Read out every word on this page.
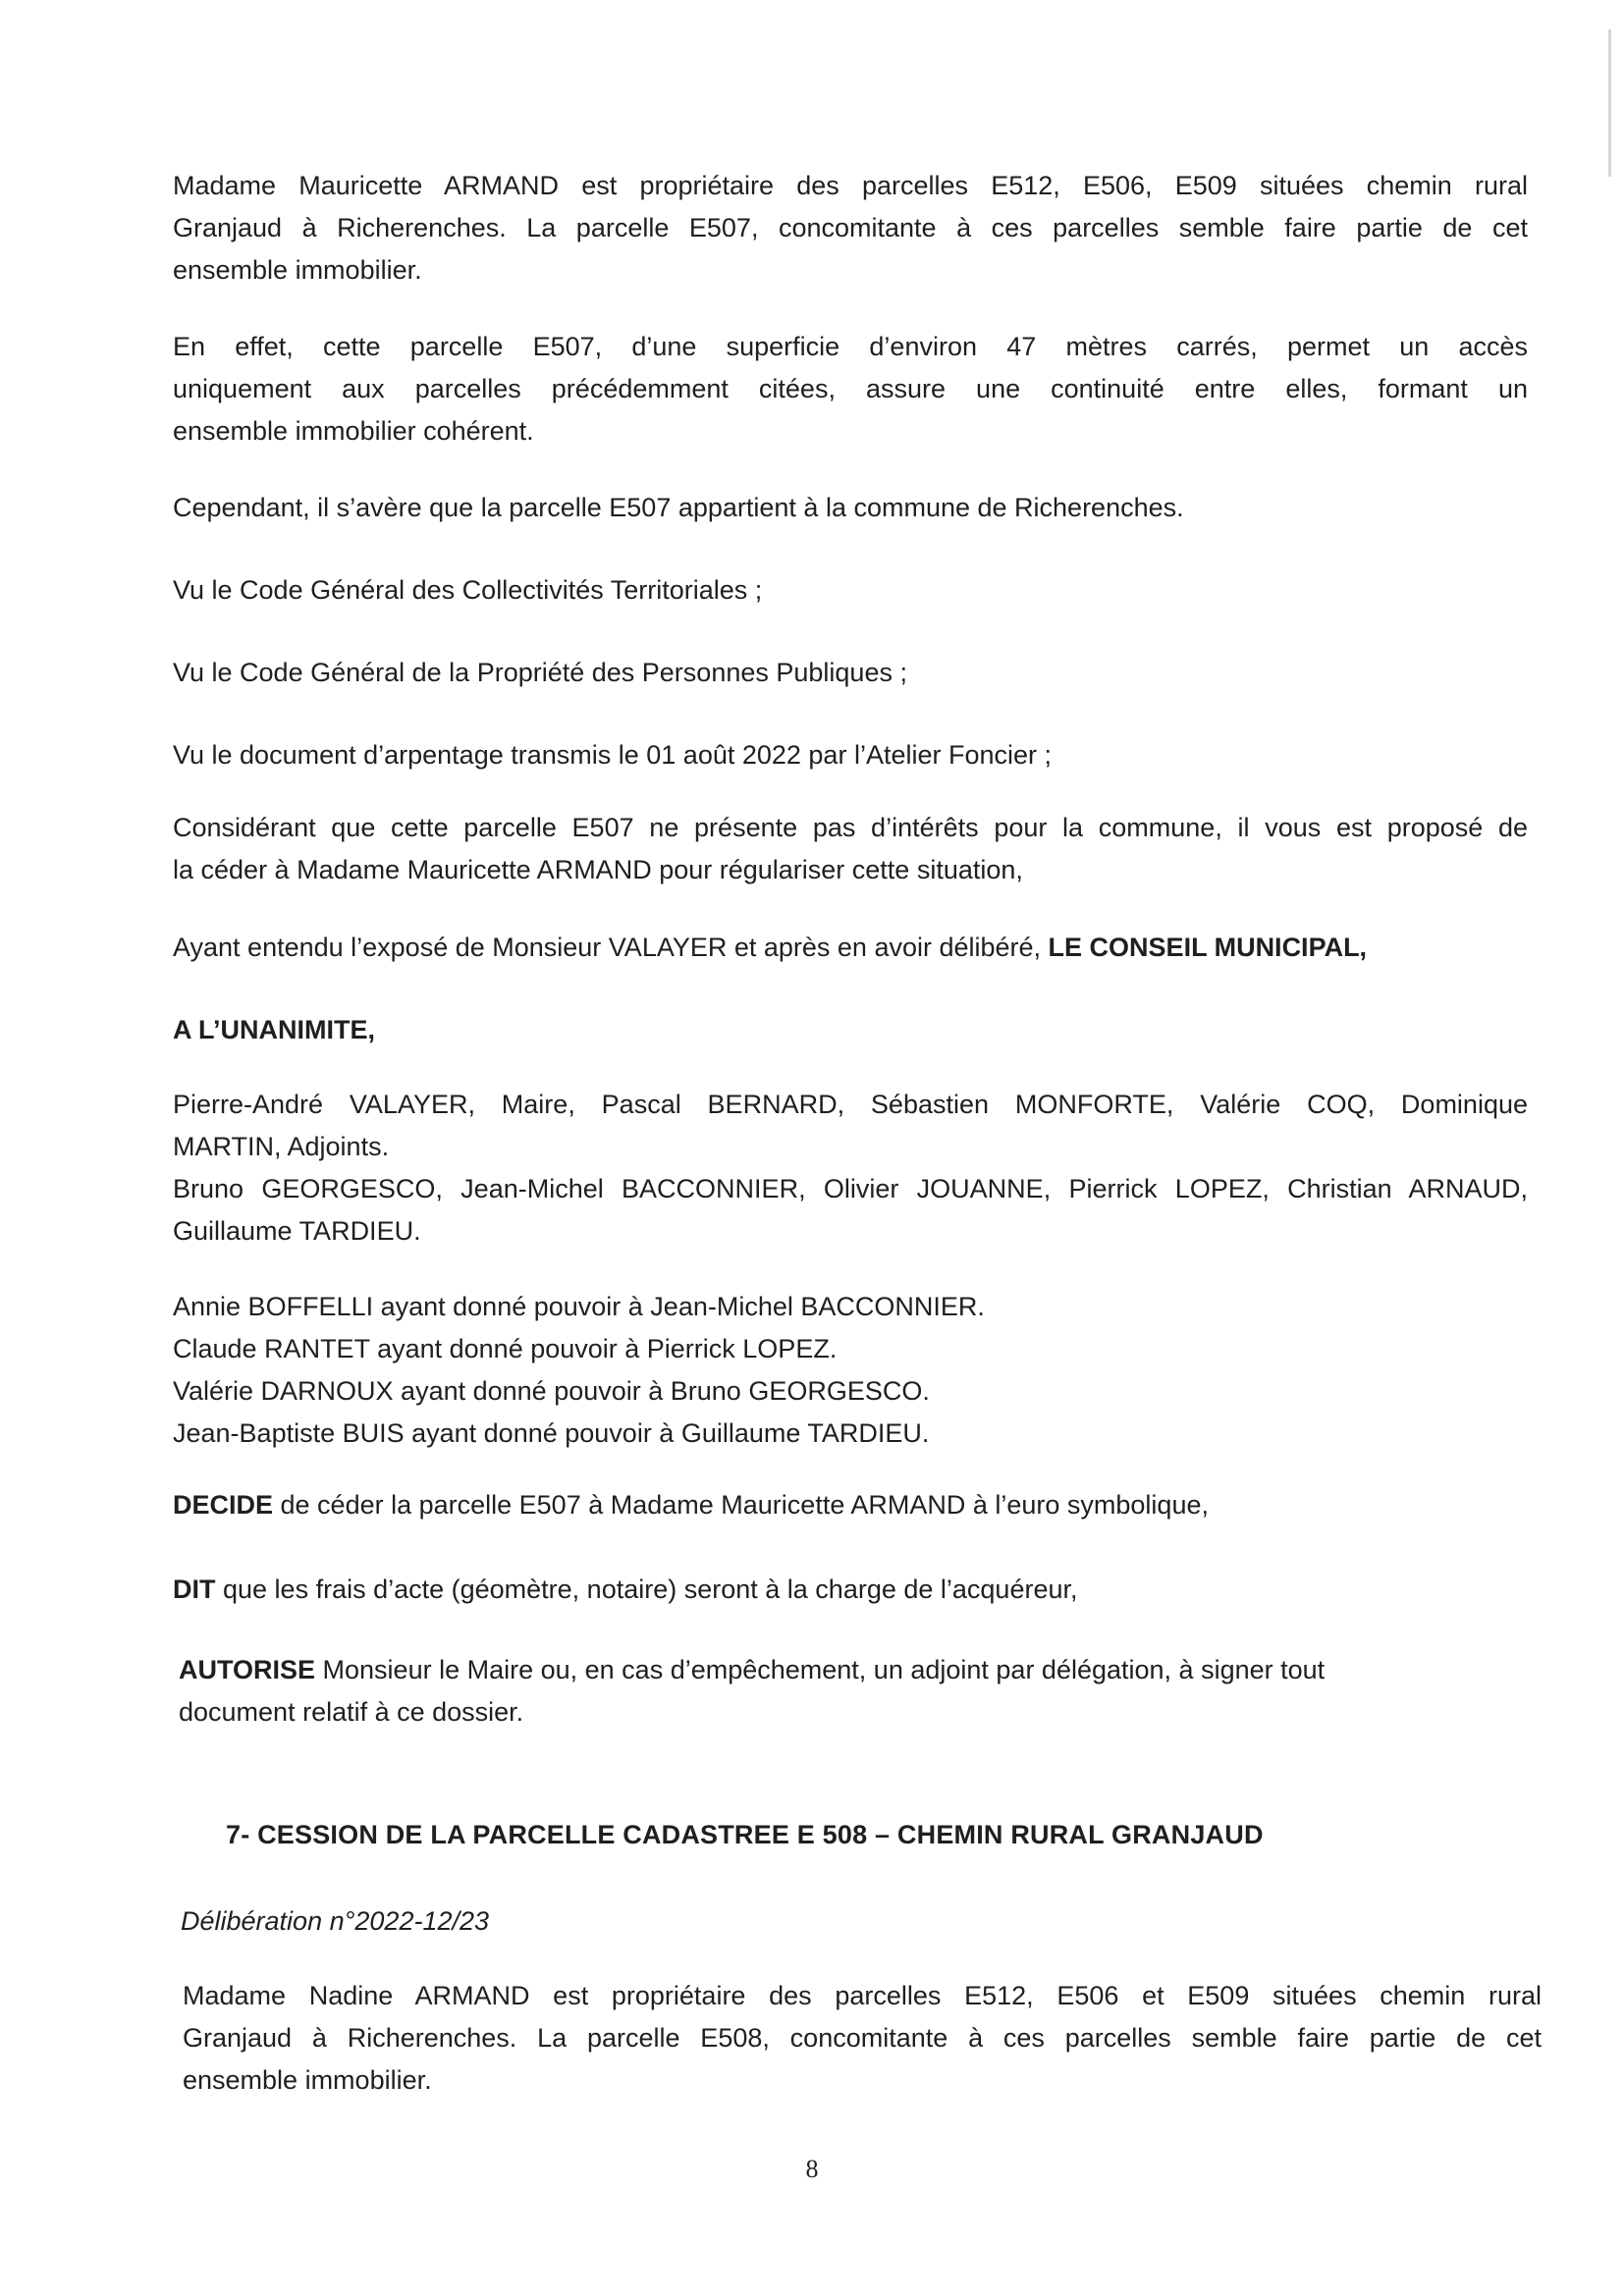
Madame Mauricette ARMAND est propriétaire des parcelles E512, E506, E509 situées chemin rural
Granjaud à Richerenches. La parcelle E507, concomitante à ces parcelles semble faire partie de cet
ensemble immobilier.
En effet, cette parcelle E507, d’une superficie d’environ 47 mètres carrés, permet un accès
uniquement aux parcelles précédemment citées, assure une continuité entre elles, formant un
ensemble immobilier cohérent.
Cependant, il s’avère que la parcelle E507 appartient à la commune de Richerenches.
Vu le Code Général des Collectivités Territoriales ;
Vu le Code Général de la Propriété des Personnes Publiques ;
Vu le document d’arpentage transmis le 01 août 2022 par l’Atelier Foncier ;
Considérant que cette parcelle E507 ne présente pas d’intérêts pour la commune, il vous est proposé de
la céder à Madame Mauricette ARMAND pour régulariser cette situation,
Ayant entendu l’exposé de Monsieur VALAYER et après en avoir délibéré, LE CONSEIL MUNICIPAL,
A L’UNANIMITE,
Pierre-André VALAYER, Maire, Pascal BERNARD, Sébastien MONFORTE, Valérie COQ, Dominique
MARTIN, Adjoints.
Bruno GEORGESCO, Jean-Michel BACCONNIER, Olivier JOUANNE, Pierrick LOPEZ, Christian ARNAUD,
Guillaume TARDIEU.
Annie BOFFELLI ayant donné pouvoir à Jean-Michel BACCONNIER.
Claude RANTET ayant donné pouvoir à Pierrick LOPEZ.
Valérie DARNOUX ayant donné pouvoir à Bruno GEORGESCO.
Jean-Baptiste BUIS ayant donné pouvoir à Guillaume TARDIEU.
DECIDE de céder la parcelle E507 à Madame Mauricette ARMAND à l’euro symbolique,
DIT que les frais d’acte (géomètre, notaire) seront à la charge de l’acquéreur,
AUTORISE Monsieur le Maire ou, en cas d’empêchement, un adjoint par délégation, à signer tout
document relatif à ce dossier.
7- CESSION DE LA PARCELLE CADASTREE E 508 – CHEMIN RURAL GRANJAUD
Délibération n°2022-12/23
Madame Nadine ARMAND est propriétaire des parcelles E512, E506 et E509 situées chemin rural
Granjaud à Richerenches. La parcelle E508, concomitante à ces parcelles semble faire partie de cet
ensemble immobilier.
8
